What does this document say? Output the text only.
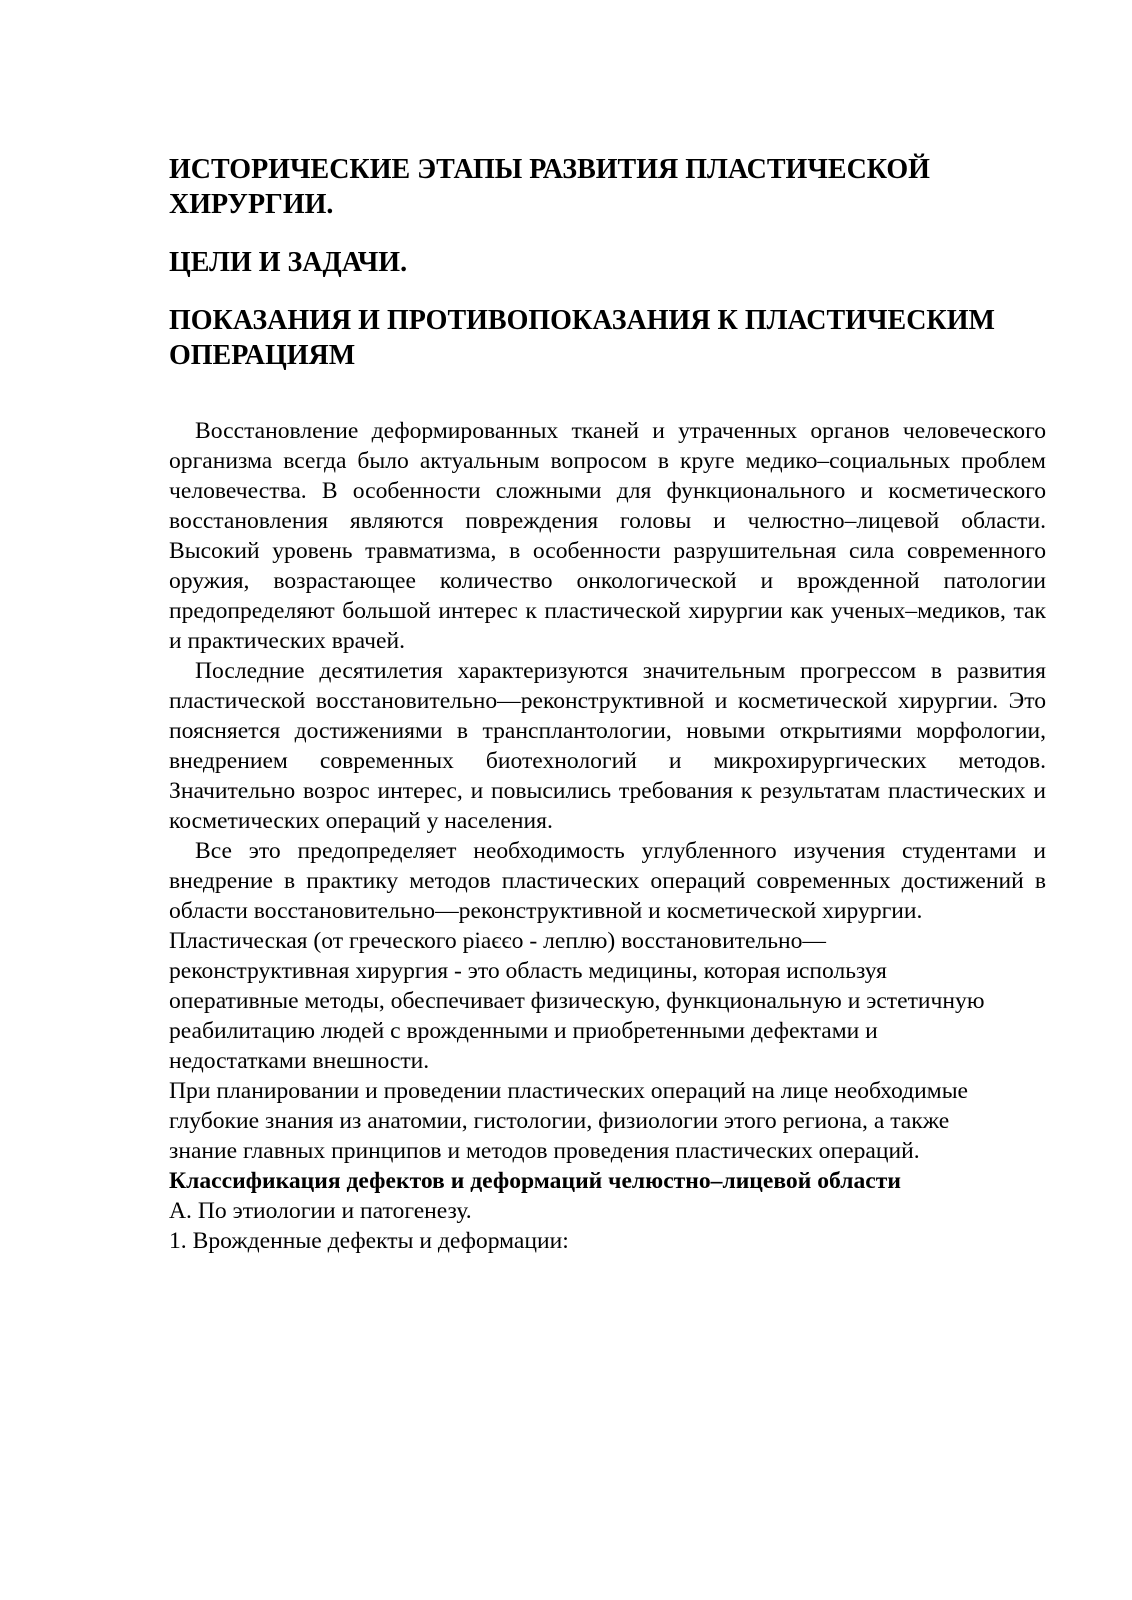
ИСТОРИЧЕСКИЕ ЭТАПЫ РАЗВИТИЯ ПЛАСТИЧЕСКОЙ ХИРУРГИИ.
ЦЕЛИ И ЗАДАЧИ.
ПОКАЗАНИЯ И ПРОТИВОПОКАЗАНИЯ К ПЛАСТИЧЕСКИМ ОПЕРАЦИЯМ

Восстановление деформированных тканей и утраченных органов человеческого организма всегда было актуальным вопросом в круге медико–социальных проблем человечества. В особенности сложными для функционального и косметического восстановления являются повреждения головы и челюстно–лицевой области. Высокий уровень травматизма, в особенности разрушительная сила современного оружия, возрастающее количество онкологической и врожденной патологии предопределяют большой интерес к пластической хирургии как ученых–медиков, так и практических врачей.

Последние десятилетия характеризуются значительным прогрессом в развития пластической восстановительно—реконструктивной и косметической хирургии. Это поясняется достижениями в трансплантологии, новыми открытиями морфологии, внедрением современных биотехнологий и микрохирургических методов. Значительно возрос интерес, и повысились требования к результатам пластических и косметических операций у населения.

Все это предопределяет необходимость углубленного изучения студентами и внедрение в практику методов пластических операций современных достижений в области восстановительно—реконструктивной и косметической хирургии.

Пластическая (от греческого ріаєєо - леплю) восстановительно— реконструктивная хирургия - это область медицины, которая используя оперативные методы, обеспечивает физическую, функциональную и эстетичную реабилитацию людей с врожденными и приобретенными дефектами и недостатками внешности.

При планировании и проведении пластических операций на лице необходимые глубокие знания из анатомии, гистологии, физиологии этого региона, а также знание главных принципов и методов проведения пластических операций.

Классификация дефектов и деформаций челюстно–лицевой области

А. По этиологии и патогенезу.

1. Врожденные дефекты и деформации:
